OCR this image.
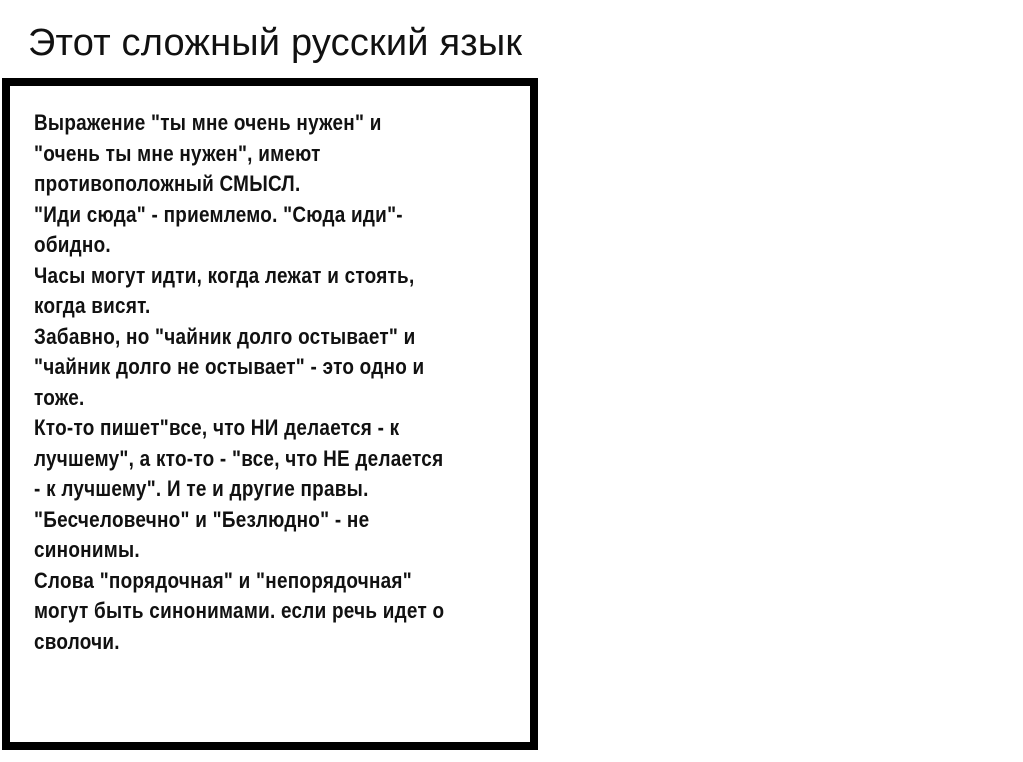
Этот сложный русский язык
Выражение "ты мне очень нужен" и
"очень ты мне нужен", имеют
противоположный СМЫСЛ.
"Иди сюда" - приемлемо. "Сюда иди"-
обидно.
Часы могут идти, когда лежат и стоять,
когда висят.
Забавно, но "чайник долго остывает" и
"чайник долго не остывает" - это одно и
тоже.
Кто-то пишет"все, что НИ делается - к
лучшему", а кто-то - "все, что НЕ делается
- к лучшему". И те и другие правы.
"Бесчеловечно" и "Безлюдно" - не
синонимы.
Слова "порядочная" и "непорядочная"
могут быть синонимами. если речь идет о
сволочи.
